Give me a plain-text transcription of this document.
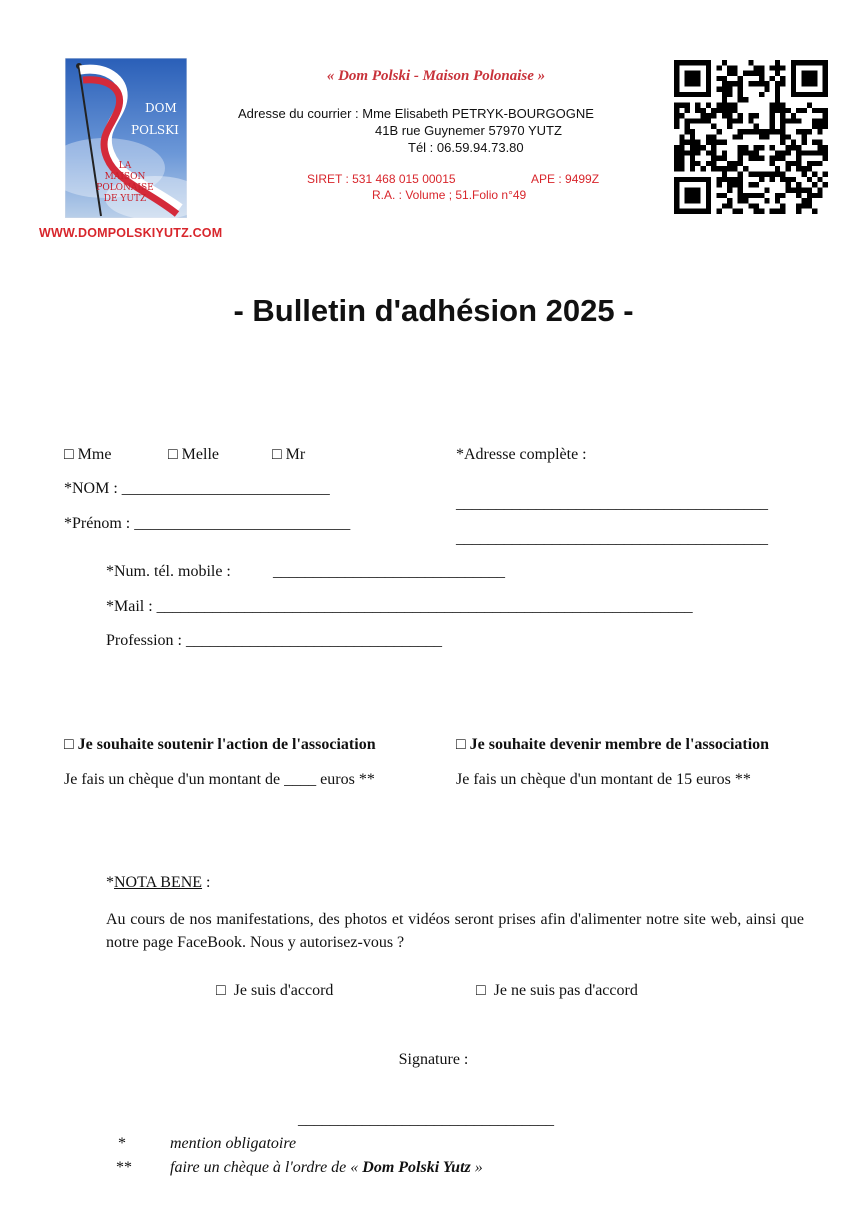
DOM
POLSKI
LA
MAISON
POLONAISE
DE YUTZ
WWW.DOMPOLSKIYUTZ.COM
« Dom Polski - Maison Polonaise »
Adresse du courrier : Mme Elisabeth PETRYK-BOURGOGNE
41B rue Guynemer 57970 YUTZ
Tél : 06.59.94.73.80
SIRET : 531 468 015 00015	APE : 9499Z
R.A. : Volume ; 51.Folio n°49
- Bulletin d'adhésion 2025 -
□ Mme	□ Melle	□ Mr
*NOM : __________________________
*Prénom : ___________________________
*Adresse complète :
_______________________________________
_______________________________________
*Num. tél. mobile :	_____________________________
*Mail : ___________________________________________________________________
Profession : ________________________________
□ Je souhaite soutenir l'action de l'association
Je fais un chèque d'un montant de ____ euros **
□ Je souhaite devenir membre de l'association
Je fais un chèque d'un montant de 15 euros **
*NOTA BENE :
Au cours de nos manifestations, des photos et vidéos seront prises afin d'alimenter notre site web, ainsi que notre page FaceBook. Nous y autorisez-vous ?
□  Je suis d'accord	□  Je ne suis pas d'accord
Signature :
________________________________
*	mention obligatoire
** faire un chèque à l'ordre de « Dom Polski Yutz »
